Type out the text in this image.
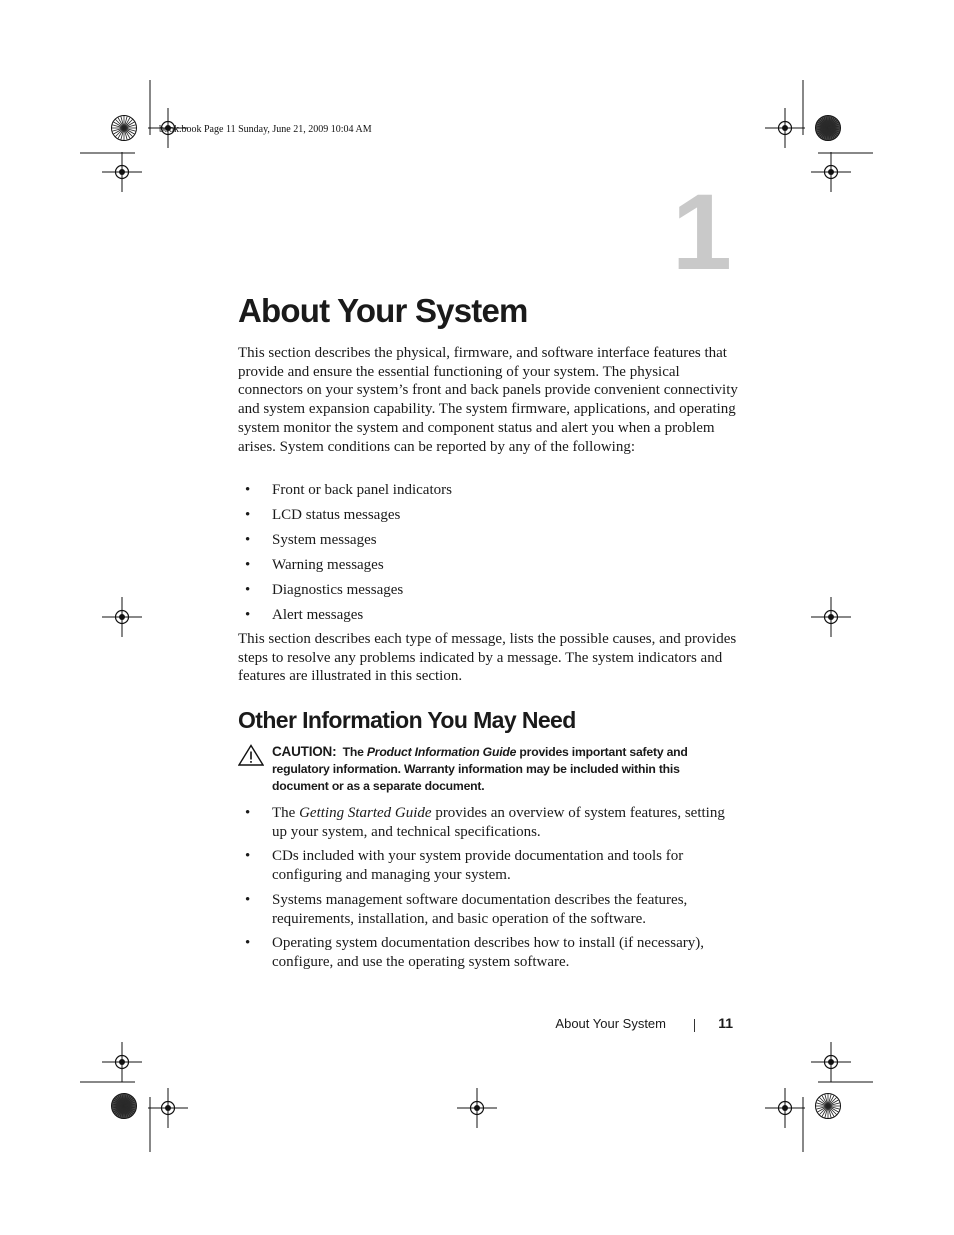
book.book Page 11 Sunday, June 21, 2009 10:04 AM
1
About Your System

This section describes the physical, firmware, and software interface features that provide and ensure the essential functioning of your system. The physical connectors on your system’s front and back panels provide convenient connectivity and system expansion capability. The system firmware, applications, and operating system monitor the system and component status and alert you when a problem arises. System conditions can be reported by any of the following:

• Front or back panel indicators
• LCD status messages
• System messages
• Warning messages
• Diagnostics messages
• Alert messages

This section describes each type of message, lists the possible causes, and provides steps to resolve any problems indicated by a message. The system indicators and features are illustrated in this section.

Other Information You May Need

CAUTION: The Product Information Guide provides important safety and regulatory information. Warranty information may be included within this document or as a separate document.

• The Getting Started Guide provides an overview of system features, setting up your system, and technical specifications.
• CDs included with your system provide documentation and tools for configuring and managing your system.
• Systems management software documentation describes the features, requirements, installation, and basic operation of the software.
• Operating system documentation describes how to install (if necessary), configure, and use the operating system software.
About Your System	11
